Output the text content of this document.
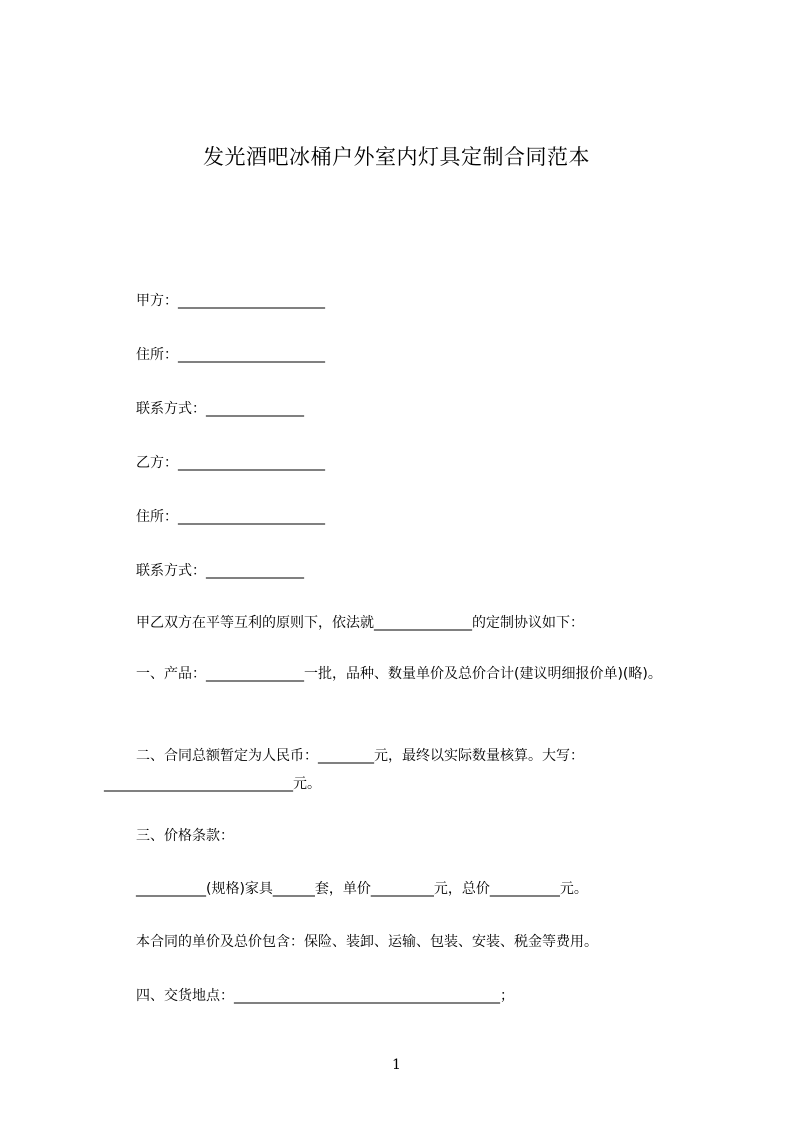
发光酒吧冰桶户外室内灯具定制合同范本
甲方：_____________________
住所：_____________________
联系方式：______________
乙方：_____________________
住所：_____________________
联系方式：______________
甲乙双方在平等互利的原则下，依法就______________的定制协议如下：
一、产品：______________一批，品种、数量单价及总价合计(建议明细报价单)(略)。
二、合同总额暂定为人民币：________元，最终以实际数量核算。大写：___________________________元。
三、价格条款：
__________(规格)家具______套，单价_________元，总价__________元。
本合同的单价及总价包含：保险、装卸、运输、包装、安装、税金等费用。
四、交货地点：______________________________________；
1
